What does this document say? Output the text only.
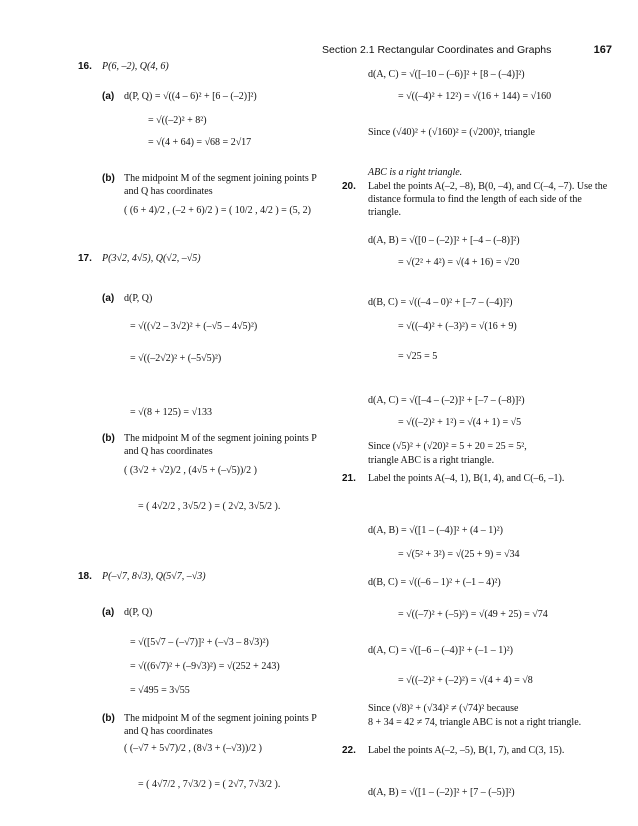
Section 2.1 Rectangular Coordinates and Graphs	167
16. P(6, –2), Q(4, 6)
(a) d(P, Q) = √((4 – 6)² + [6 – (–2)]²)
= √((–2)² + 8²)
= √(4 + 64) = √68 = 2√17
(b) The midpoint M of the segment joining points P and Q has coordinates
( (6 + 4)/2 , (–2 + 6)/2 ) = ( 10/2 , 4/2 ) = (5, 2)
17. P(3√2, 4√5), Q(√2, –√5)
(a) d(P, Q)
= √((√2 – 3√2)² + (–√5 – 4√5)²)
= √((–2√2)² + (–5√5)²)
= √(8 + 125) = √133
(b) The midpoint M of the segment joining points P and Q has coordinates
( (3√2 + √2)/2 , (4√5 + (–√5))/2 )
= ( 4√2/2 , 3√5/2 ) = ( 2√2, 3√5/2 ).
18. P(–√7, 8√3), Q(5√7, –√3)
(a) d(P, Q)
= √([5√7 – (–√7)]² + (–√3 – 8√3)²)
= √((6√7)² + (–9√3)²) = √(252 + 243)
= √495 = 3√55
(b) The midpoint M of the segment joining points P and Q has coordinates
( (–√7 + 5√7)/2 , (8√3 + (–√3))/2 )
= ( 4√7/2 , 7√3/2 ) = ( 2√7, 7√3/2 ).
d(A, C) = √([–10 – (–6)]² + [8 – (–4)]²)
= √((–4)² + 12²) = √(16 + 144) = √160
Since (√40)² + (√160)² = (√200)², triangle
ABC is a right triangle.
20. Label the points A(–2, –8), B(0, –4), and C(–4, –7). Use the distance formula to find the length of each side of the triangle.
d(A, B) = √([0 – (–2)]² + [–4 – (–8)]²)
= √(2² + 4²) = √(4 + 16) = √20
d(B, C) = √((–4 – 0)² + [–7 – (–4)]²)
= √((–4)² + (–3)²) = √(16 + 9)
= √25 = 5
d(A, C) = √([–4 – (–2)]² + [–7 – (–8)]²)
= √((–2)² + 1²) = √(4 + 1) = √5
Since (√5)² + (√20)² = 5 + 20 = 25 = 5²,
triangle ABC is a right triangle.
21. Label the points A(–4, 1), B(1, 4), and C(–6, –1).
d(A, B) = √([1 – (–4)]² + (4 – 1)²)
= √(5² + 3²) = √(25 + 9) = √34
d(B, C) = √((–6 – 1)² + (–1 – 4)²)
= √((–7)² + (–5)²) = √(49 + 25) = √74
d(A, C) = √([–6 – (–4)]² + (–1 – 1)²)
= √((–2)² + (–2)²) = √(4 + 4) = √8
Since (√8)² + (√34)² ≠ (√74)² because
8 + 34 = 42 ≠ 74, triangle ABC is not a right triangle.
22. Label the points A(–2, –5), B(1, 7), and C(3, 15).
d(A, B) = √([1 – (–2)]² + [7 – (–5)]²)
